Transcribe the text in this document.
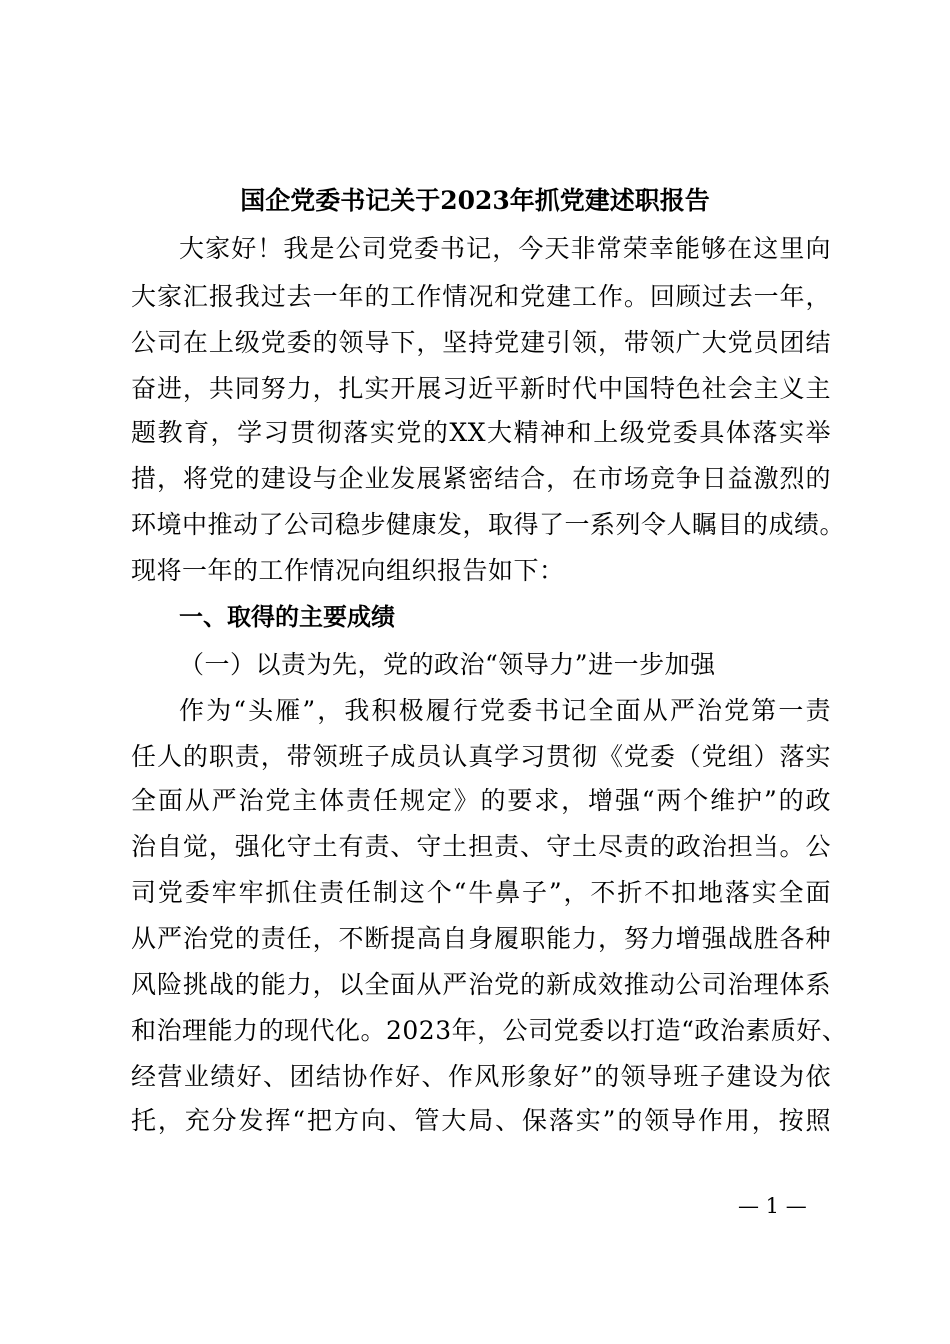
国企党委书记关于2023年抓党建述职报告
大家好！我是公司党委书记，今天非常荣幸能够在这里向
大家汇报我过去一年的工作情况和党建工作。回顾过去一年，
公司在上级党委的领导下，坚持党建引领，带领广大党员团结
奋进，共同努力，扎实开展习近平新时代中国特色社会主义主
题教育，学习贯彻落实党的XX大精神和上级党委具体落实举
措，将党的建设与企业发展紧密结合，在市场竞争日益激烈的
环境中推动了公司稳步健康发，取得了一系列令人瞩目的成绩。
现将一年的工作情况向组织报告如下：
一、取得的主要成绩
（一）以责为先，党的政治“领导力”进一步加强
作为“头雁”，我积极履行党委书记全面从严治党第一责
任人的职责，带领班子成员认真学习贯彻《党委（党组）落实
全面从严治党主体责任规定》的要求，增强“两个维护”的政
治自觉，强化守土有责、守土担责、守土尽责的政治担当。公
司党委牢牢抓住责任制这个“牛鼻子”，不折不扣地落实全面
从严治党的责任，不断提高自身履职能力，努力增强战胜各种
风险挑战的能力，以全面从严治党的新成效推动公司治理体系
和治理能力的现代化。2023年，公司党委以打造“政治素质好、
经营业绩好、团结协作好、作风形象好”的领导班子建设为依
托，充分发挥“把方向、管大局、保落实”的领导作用，按照
— 1 —
